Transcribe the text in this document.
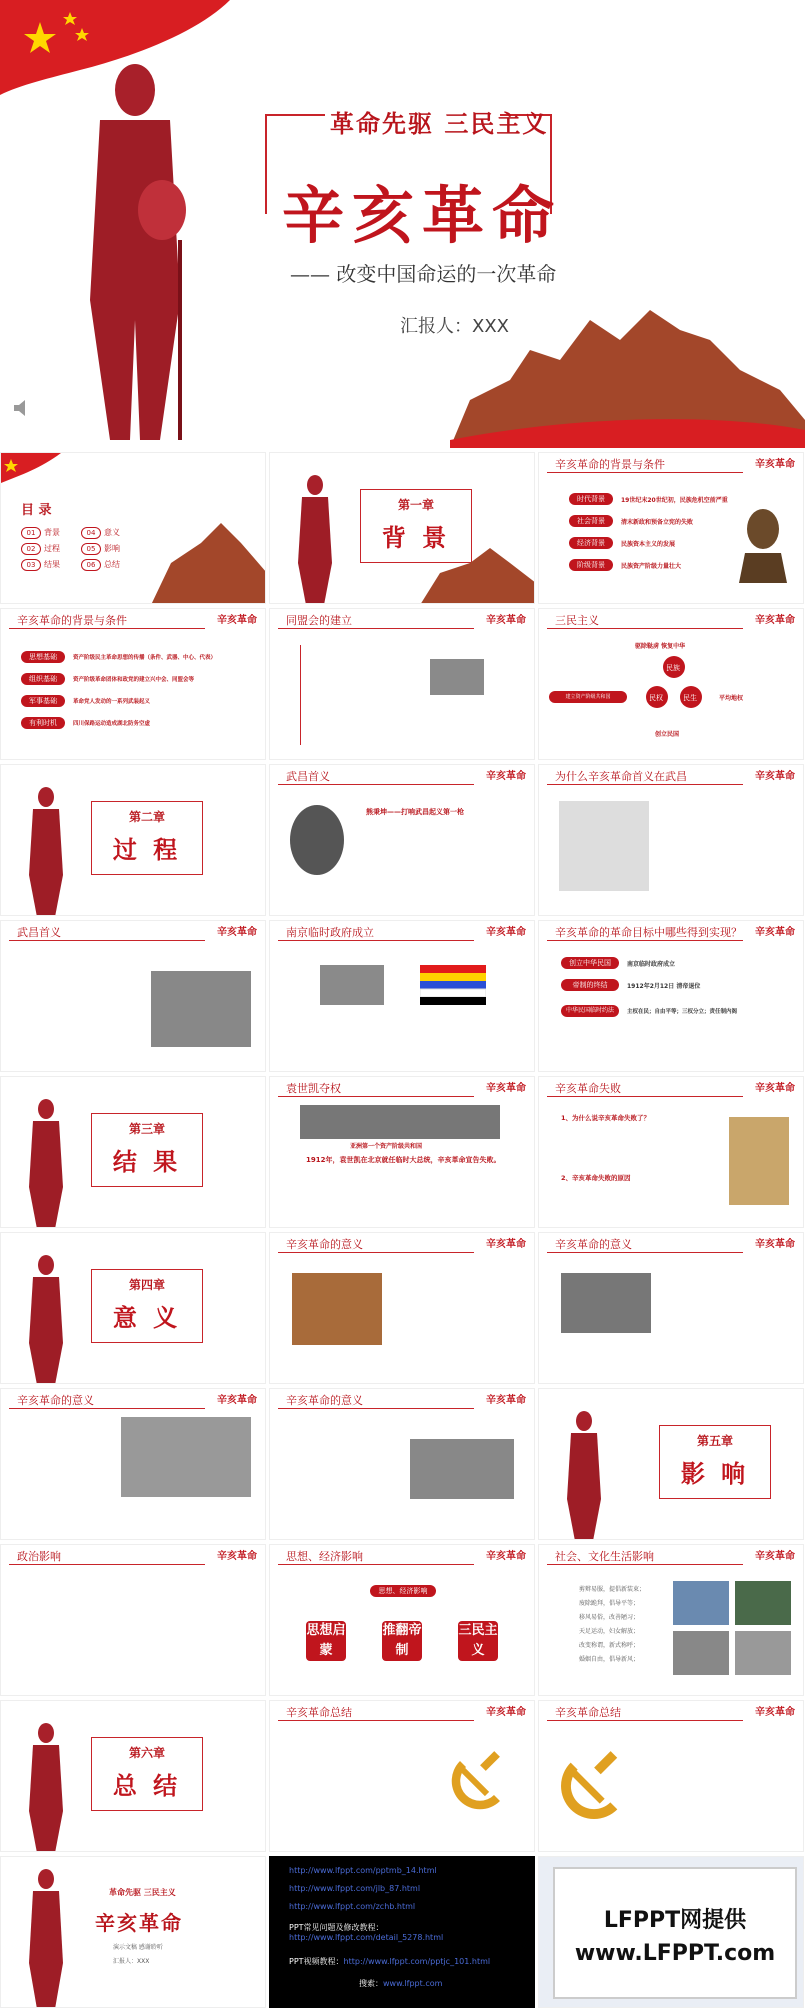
革命先驱 三民主义
辛亥革命
—— 改变中国命运的一次革命
汇报人：XXX
目 录
01 背景
02 过程
03 结果
04 意义
05 影响
06 总结
第一章
背 景
辛亥革命的背景与条件	辛亥革命
时代背景	19世纪末20世纪初，民族危机空前严重
社会背景	清末新政和预备立宪的失败
经济背景	民族资本主义的发展
阶级背景	民族资产阶级力量壮大
辛亥革命的背景与条件	辛亥革命
思想基础	资产阶级民主革命思想的传播（条件、武器、中心、代表）
组织基础	资产阶级革命团体和政党的建立兴中会、同盟会等
军事基础	革命党人发动的一系列武装起义
有利时机	四川保路运动造成湖北防务空虚
同盟会的建立	辛亥革命	三民主义	辛亥革命
驱除鞑虏 恢复中华
民族
民权	民生
建立资产阶级共和国	平均地权
创立民国
第二章
过 程
武昌首义	辛亥革命
熊秉坤——打响武昌起义第一枪
为什么辛亥革命首义在武昌	辛亥革命
武昌首义	辛亥革命	南京临时政府成立	辛亥革命	辛亥革命的革命目标中哪些得到实现？ 辛亥革命
创立中华民国	南京临时政府成立
帝制的终结	1912年2月12日 清帝退位
中华民国临时约法	主权在民；自由平等；三权分立；责任制内阁
第三章
结 果
袁世凯夺权	辛亥革命
亚洲第一个资产阶级共和国
1912年，袁世凯在北京就任临时大总统，辛亥革命宣告失败。
辛亥革命失败	辛亥革命
1、为什么说辛亥革命失败了？
2、辛亥革命失败的原因
第四章
意 义
辛亥革命的意义	辛亥革命	辛亥革命的意义	辛亥革命
辛亥革命的意义	辛亥革命	辛亥革命的意义	辛亥革命
第五章
影 响
政治影响	辛亥革命	思想、经济影响	辛亥革命
思想、经济影响
思想启蒙
推翻帝制
三民主义
社会、文化生活影响	辛亥革命
剪辫易服，提倡新装束；
废除跪拜，倡导平等；
移风易俗，改善陋习；
天足运动，妇女解放；
改变称谓，新式称呼；
婚姻自由，倡导新风；
第六章
总 结
辛亥革命总结	辛亥革命	辛亥革命总结	辛亥革命
革命先驱 三民主义
辛亥革命
演示文稿 感谢聆听
汇报人：XXX
http://www.lfppt.com/pptmb_14.html
http://www.lfppt.com/jlb_87.html
http://www.lfppt.com/zchb.html
PPT常见问题及修改教程：
http://www.lfppt.com/detail_5278.html
PPT视频教程：http://www.lfppt.com/pptjc_101.html
搜索：www.lfppt.com
LFPPT网提供
www.LFPPT.com
